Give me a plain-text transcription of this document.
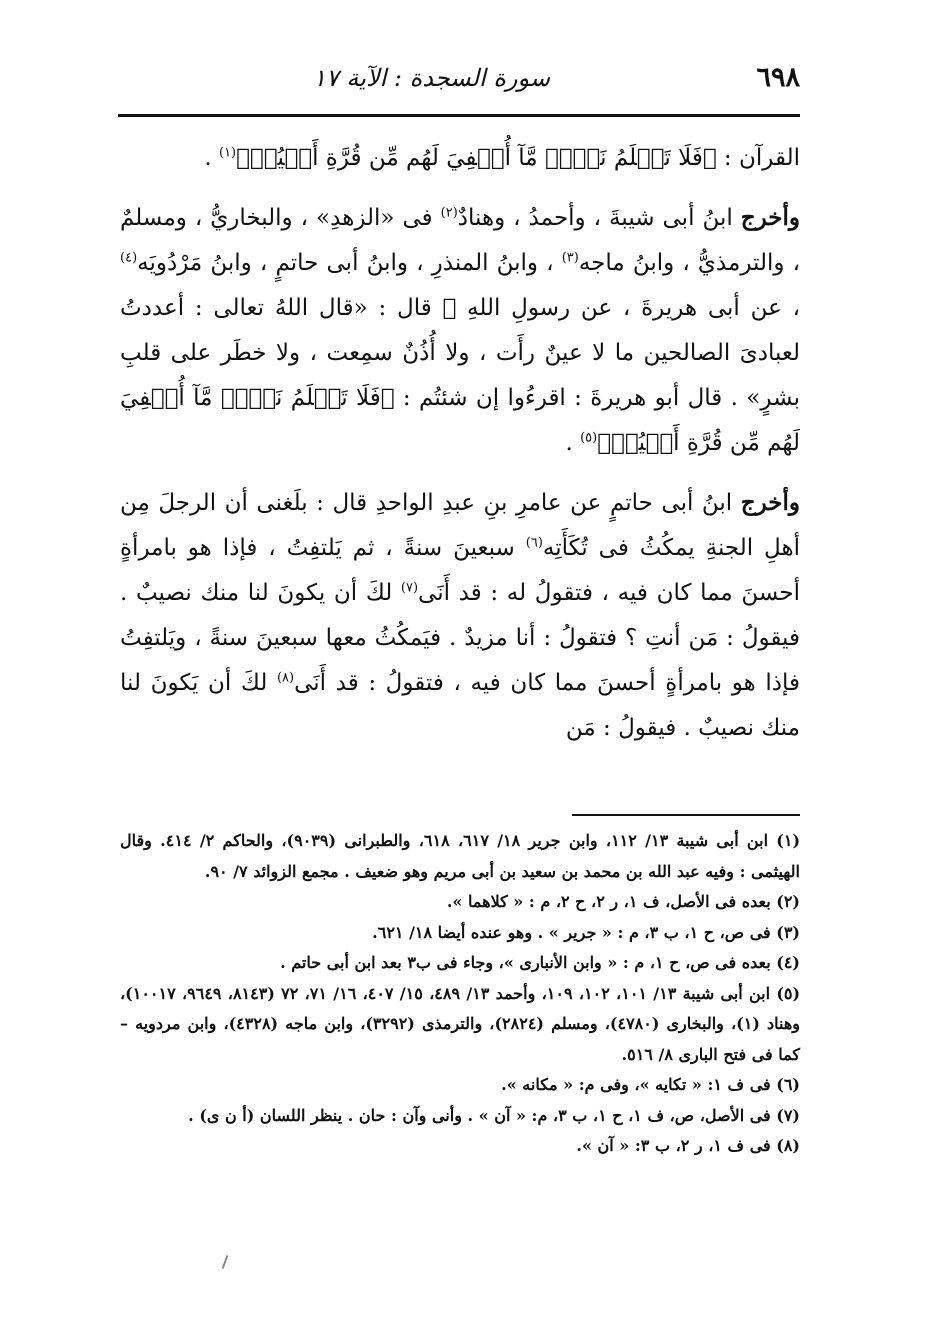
٦٩٨
سورة السجدة : الآية ١٧

القرآن : ﴿فَلَا تَعۡلَمُ نَفۡسٞ مَّآ أُخۡفِيَ لَهُم مِّن قُرَّةِ أَعۡيُنٖ﴾$^{(١)}$ .

وأخرج ابنُ أبى شيبةَ ، وأحمدُ ، وهنادٌ$^{(٢)}$ فى «الزهدِ» ، والبخاريُّ ، ومسلمٌ ، والترمذيُّ ، وابنُ ماجه$^{(٣)}$ ، وابنُ المنذرِ ، وابنُ أبى حاتمٍ ، وابنُ مَرْدُويَه$^{(٤)}$ ، عن أبى هريرةَ ، عن رسولِ اللهِ ﷺ قال : «قال اللهُ تعالى : أعددتُ لعبادىَ الصالحين ما لا عينٌ رأَت ، ولا أُذُنٌ سمِعت ، ولا خطَر على قلبِ بشرٍ» . قال أبو هريرةَ : اقرءُوا إن شئتُم : ﴿فَلَا تَعۡلَمُ نَفۡسٞ مَّآ أُخۡفِيَ لَهُم مِّن قُرَّةِ أَعۡيُنٖ﴾$^{(٥)}$ .

وأخرج ابنُ أبى حاتمٍ عن عامرِ بنِ عبدِ الواحدِ قال : بلَغنى أن الرجلَ مِن أهلِ الجنةِ يمكُثُ فى تُكَأَتِه$^{(٦)}$ سبعينَ سنةً ، ثم يَلتفِتُ ، فإذا هو بامرأةٍ أحسنَ مما كان فيه ، فتقولُ له : قد أَنَى$^{(٧)}$ لكَ أن يكونَ لنا منك نصيبٌ . فيقولُ : مَن أنتِ ؟ فتقولُ : أنا مزيدٌ . فيَمكُثُ معها سبعينَ سنةً ، ويَلتفِتُ فإذا هو بامرأةٍ أحسنَ مما كان فيه ، فتقولُ : قد أَنَى$^{(٨)}$ لكَ أن يَكونَ لنا منك نصيبٌ . فيقولُ : مَن

(١) ابن أبى شيبة ١٣/ ١١٢، وابن جرير ١٨/ ٦١٧، ٦١٨، والطبرانى (٩٠٣٩)، والحاكم ٢/ ٤١٤. وقال الهيثمى : وفيه عبد الله بن محمد بن سعيد بن أبى مريم وهو ضعيف . مجمع الزوائد ٧/ ٩٠.

(٢) بعده فى الأصل، ف ١، ر ٢، ح ٢، م : « كلاهما ».

(٣) فى ص، ح ١، ب ٣، م : « جرير » . وهو عنده أيضا ١٨/ ٦٢١.

(٤) بعده فى ص، ح ١، م : « وابن الأنبارى »، وجاء فى ب٣ بعد ابن أبى حاتم .

(٥) ابن أبى شيبة ١٣/ ١٠١، ١٠٢، ١٠٩، وأحمد ١٣/ ٤٨٩، ١٥/ ٤٠٧، ١٦/ ٧١، ٧٢ (٨١٤٣، ٩٦٤٩، ١٠٠١٧)، وهناد (١)، والبخارى (٤٧٨٠)، ومسلم (٢٨٢٤)، والترمذى (٣٢٩٢)، وابن ماجه (٤٣٢٨)، وابن مردويه – كما فى فتح البارى ٨/ ٥١٦.

(٦) فى ف ١: « تكايه »، وفى م: « مكانه ».

(٧) فى الأصل، ص، ف ١، ح ١، ب ٣، م: « آن » . وأنى وآن : حان . ينظر اللسان (أ ن ى) .

(٨) فى ف ١، ر ٢، ب ٣: « آن ».
